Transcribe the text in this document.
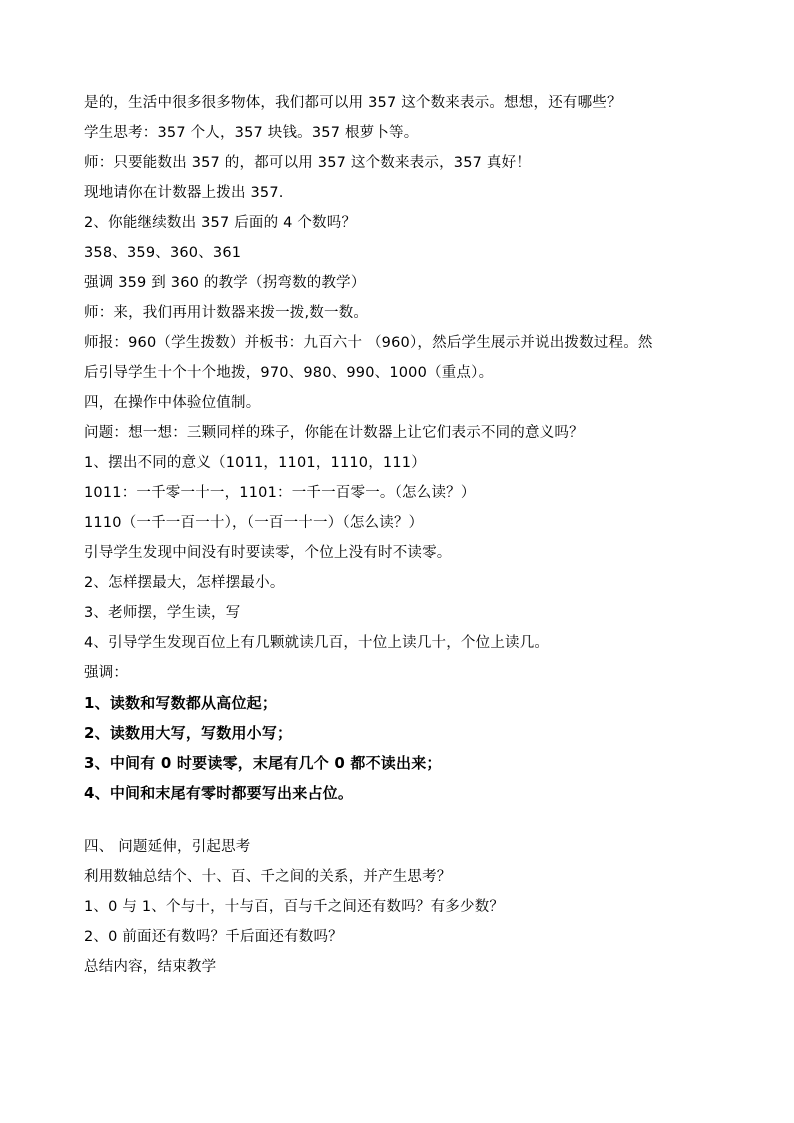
是的，生活中很多很多物体，我们都可以用 357 这个数来表示。想想，还有哪些？
学生思考：357 个人，357 块钱。357 根萝卜等。
师：只要能数出 357 的，都可以用 357 这个数来表示，357 真好！
现地请你在计数器上拨出 357.
2、你能继续数出 357 后面的 4 个数吗？
358、359、360、361
强调 359 到 360 的教学（拐弯数的教学）
师：来，我们再用计数器来拨一拨,数一数。
师报：960（学生拨数）并板书：九百六十 （960），然后学生展示并说出拨数过程。然
后引导学生十个十个地拨，970、980、990、1000（重点）。
四，在操作中体验位值制。
问题：想一想：三颗同样的珠子，你能在计数器上让它们表示不同的意义吗？
1、摆出不同的意义（1011，1101，1110，111）
1011：一千零一十一，1101：一千一百零一。（怎么读？）
1110（一千一百一十），（一百一十一）（怎么读？）
引导学生发现中间没有时要读零，个位上没有时不读零。
2、怎样摆最大，怎样摆最小。
3、老师摆，学生读，写
4、引导学生发现百位上有几颗就读几百，十位上读几十，个位上读几。
强调：
1、读数和写数都从高位起；
2、读数用大写，写数用小写；
3、中间有 0 时要读零，末尾有几个 0 都不读出来；
4、中间和末尾有零时都要写出来占位。
四、 问题延伸，引起思考
利用数轴总结个、十、百、千之间的关系，并产生思考？
1、0 与 1、个与十，十与百，百与千之间还有数吗？有多少数？
2、0 前面还有数吗？千后面还有数吗？
总结内容，结束教学
